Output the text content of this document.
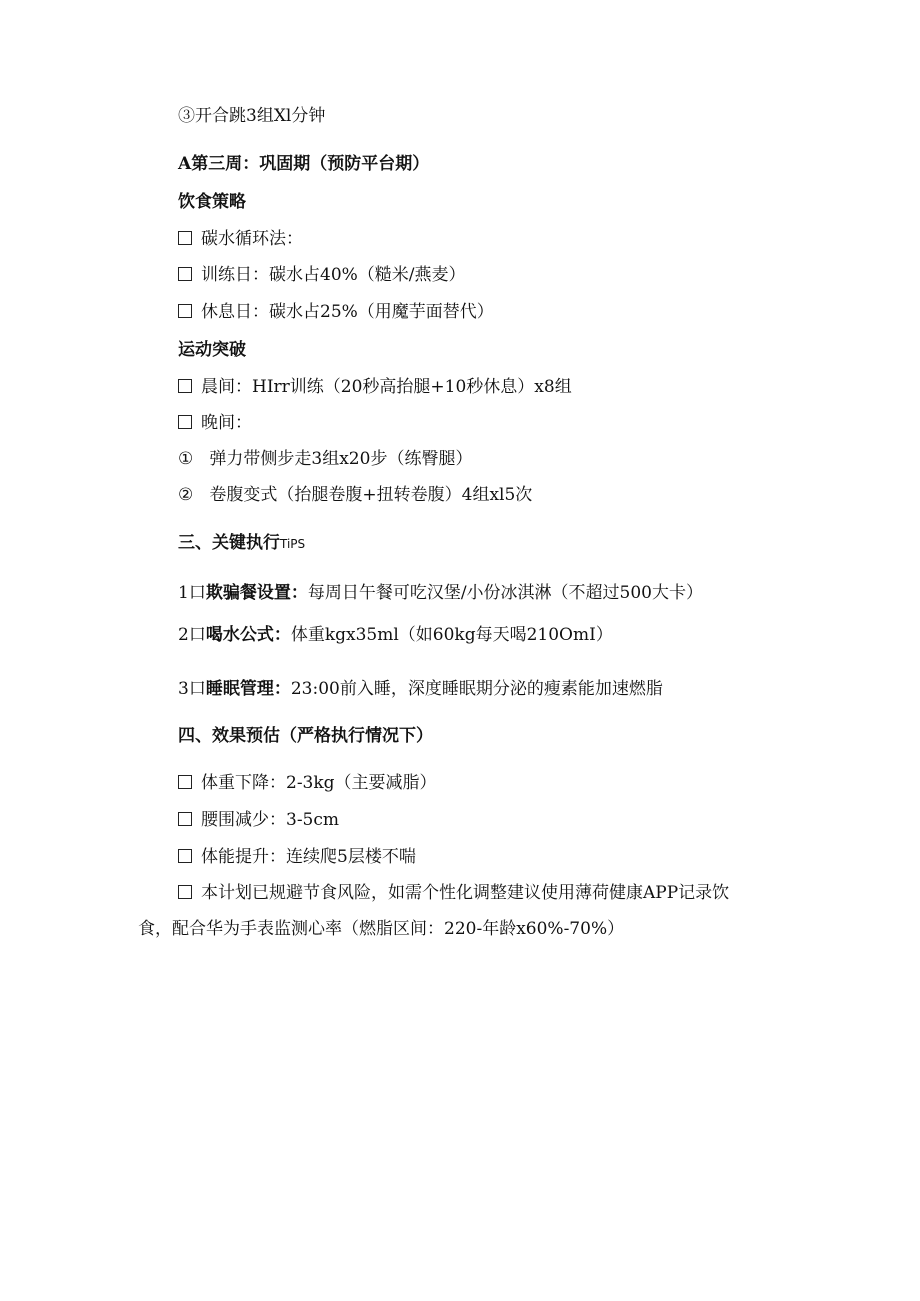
③开合跳3组Xl分钟
A第三周：巩固期（预防平台期）
饮食策略
碳水循环法：
训练日：碳水占40%（糙米/燕麦）
休息日：碳水占25%（用魔芋面替代）
运动突破
晨间：HIrr训练（20秒高抬腿+10秒休息）x8组
晚间：
① 弹力带侧步走3组x20步（练臀腿）
② 卷腹变式（抬腿卷腹+扭转卷腹）4组xl5次
三、关键执行TiPS
1口欺骗餐设置：每周日午餐可吃汉堡/小份冰淇淋（不超过500大卡）
2口喝水公式：体重kgx35ml（如60kg每天喝210OmI）
3口睡眠管理：23:00前入睡，深度睡眠期分泌的瘦素能加速燃脂
四、效果预估（严格执行情况下）
体重下降：2-3kg（主要减脂）
腰围减少：3-5cm
体能提升：连续爬5层楼不喘
本计划已规避节食风险，如需个性化调整建议使用薄荷健康APP记录饮
食，配合华为手表监测心率（燃脂区间：220-年龄x60%-70%）
